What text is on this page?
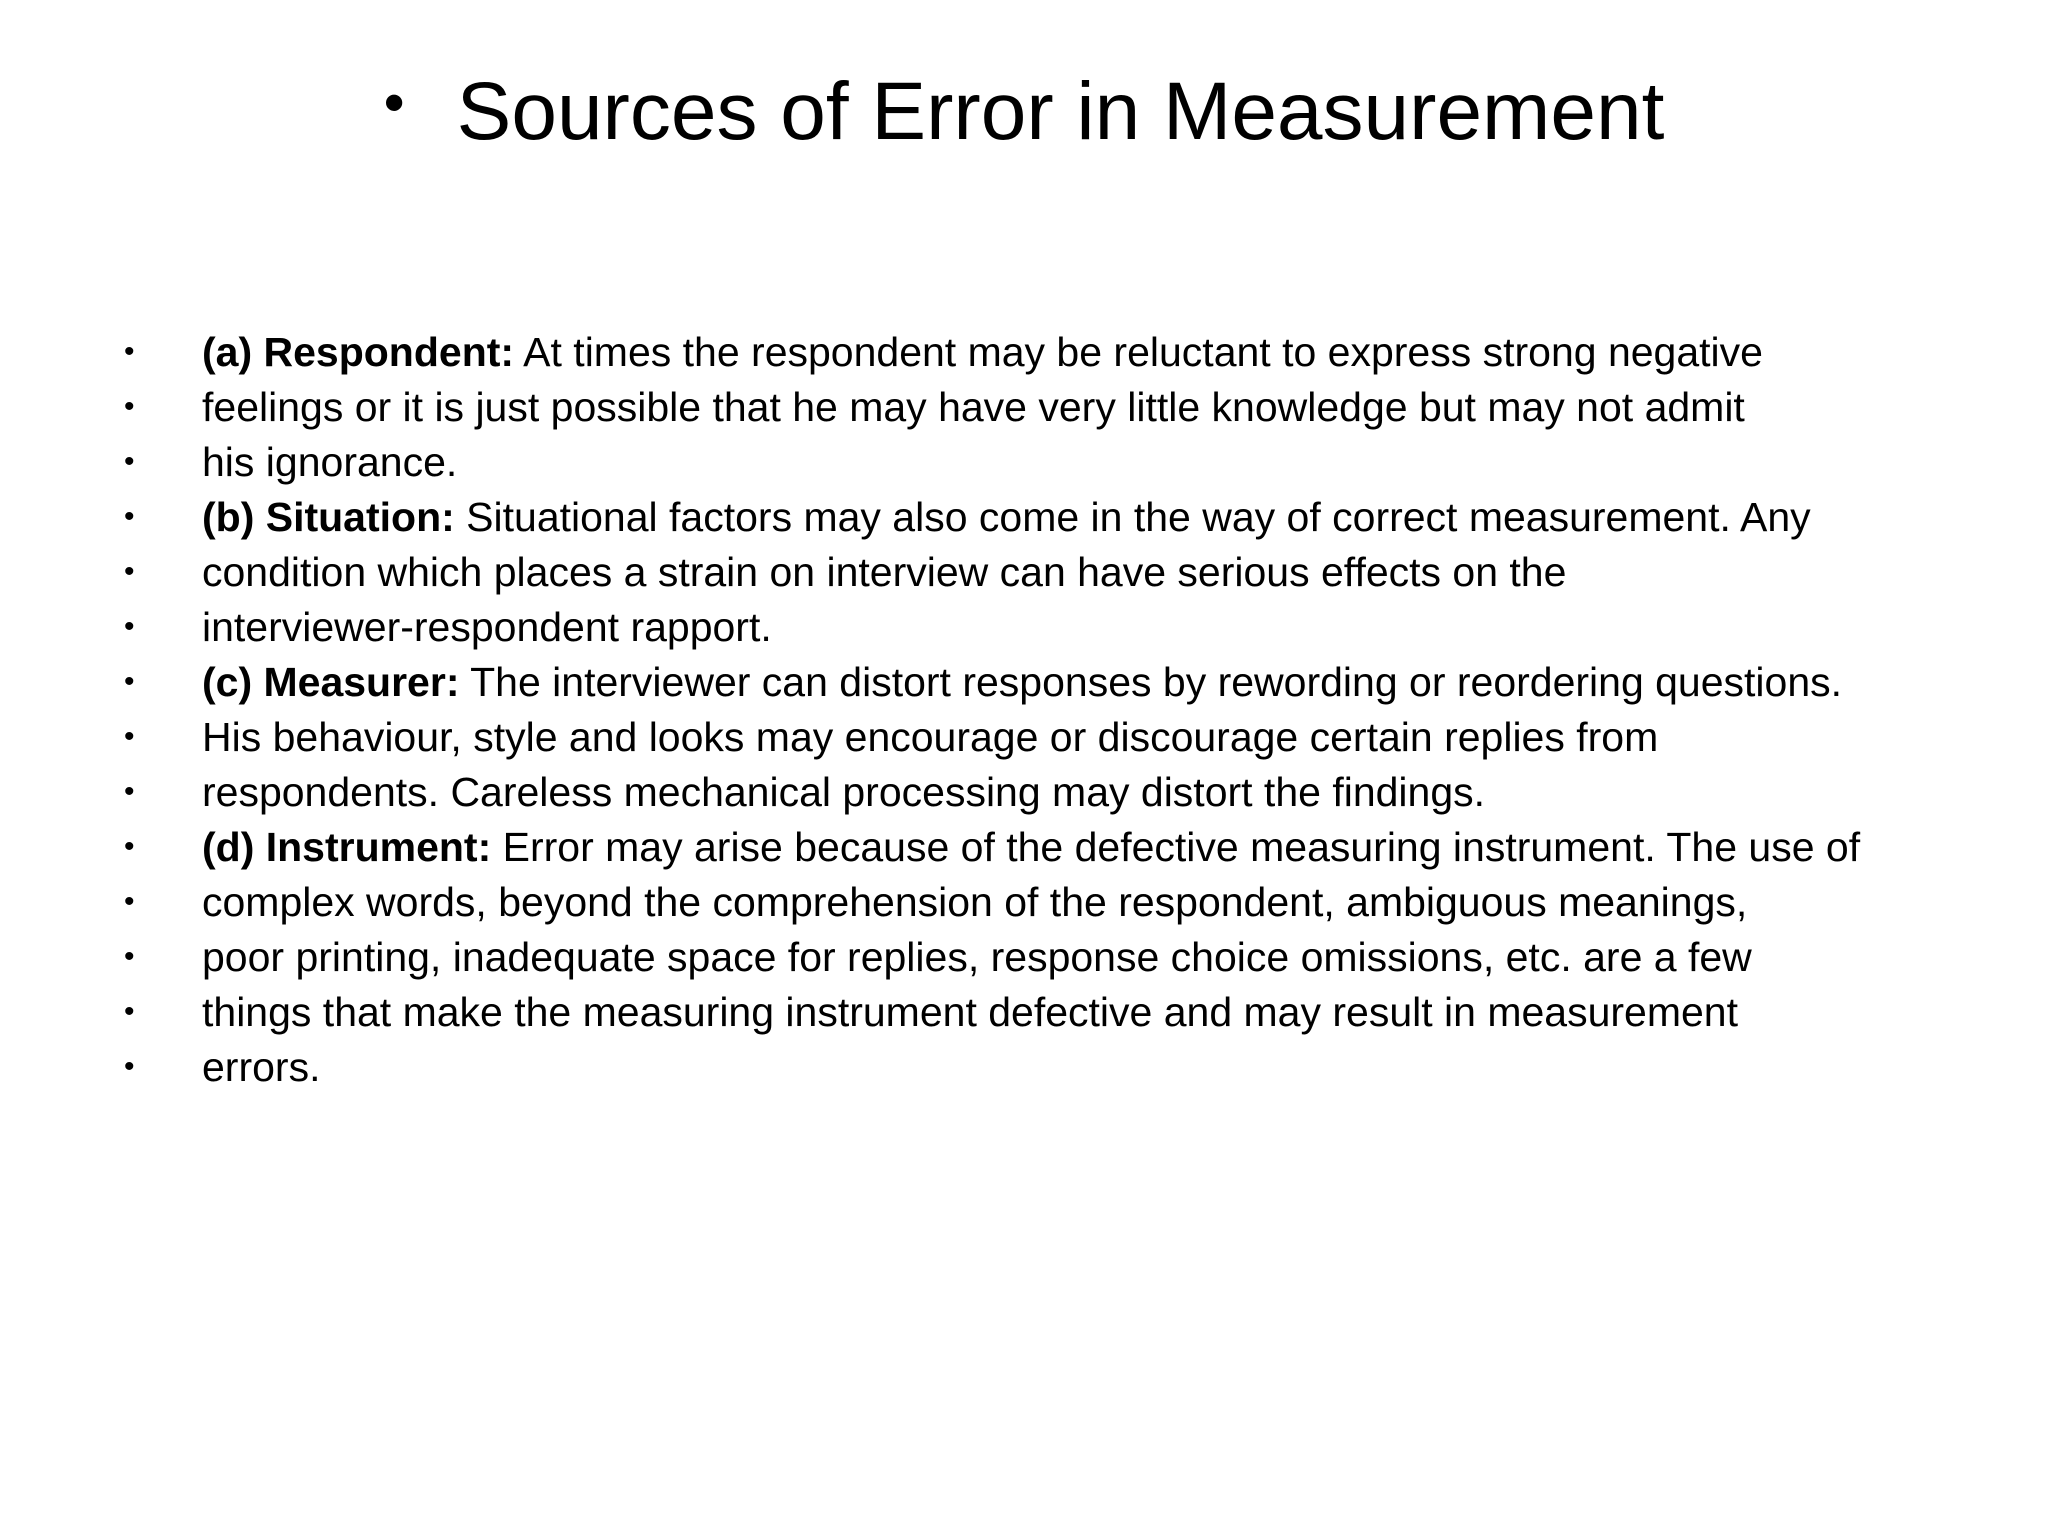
• Sources of Error in Measurement
• (a) Respondent: At times the respondent may be reluctant to express strong negative
• feelings or it is just possible that he may have very little knowledge but may not admit
• his ignorance.
• (b) Situation: Situational factors may also come in the way of correct measurement. Any
• condition which places a strain on interview can have serious effects on the
• interviewer-respondent rapport.
• (c) Measurer: The interviewer can distort responses by rewording or reordering questions.
• His behaviour, style and looks may encourage or discourage certain replies from
• respondents. Careless mechanical processing may distort the findings.
• (d) Instrument: Error may arise because of the defective measuring instrument. The use of
• complex words, beyond the comprehension of the respondent, ambiguous meanings,
• poor printing, inadequate space for replies, response choice omissions, etc. are a few
• things that make the measuring instrument defective and may result in measurement
• errors.
